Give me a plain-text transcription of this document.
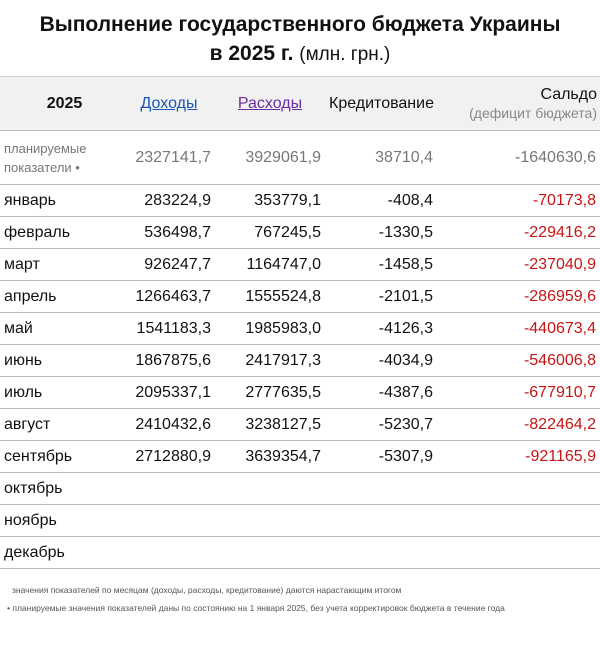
Выполнение государственного бюджета Украины
в 2025 г. (млн. грн.)
2025	Доходы	Расходы	Кредитование	Сальдо
(дефицит бюджета)

планируемые
показатели •	2327141,7	3929061,9	38710,4	-1640630,6
январь	283224,9	353779,1	-408,4	-70173,8
февраль	536498,7	767245,5	-1330,5	-229416,2
март	926247,7	1164747,0	-1458,5	-237040,9
апрель	1266463,7	1555524,8	-2101,5	-286959,6
май	1541183,3	1985983,0	-4126,3	-440673,4
июнь	1867875,6	2417917,3	-4034,9	-546006,8
июль	2095337,1	2777635,5	-4387,6	-677910,7
август	2410432,6	3238127,5	-5230,7	-822464,2
сентябрь	2712880,9	3639354,7	-5307,9	-921165,9
октябрь				
ноябрь				
декабрь				
значения показателей по месяцам (доходы, расходы, кредитование) даются нарастающим итогом
• планируемые значения показателей даны по состоянию на 1 января 2025, без учета корректировок бюджета в течение года
